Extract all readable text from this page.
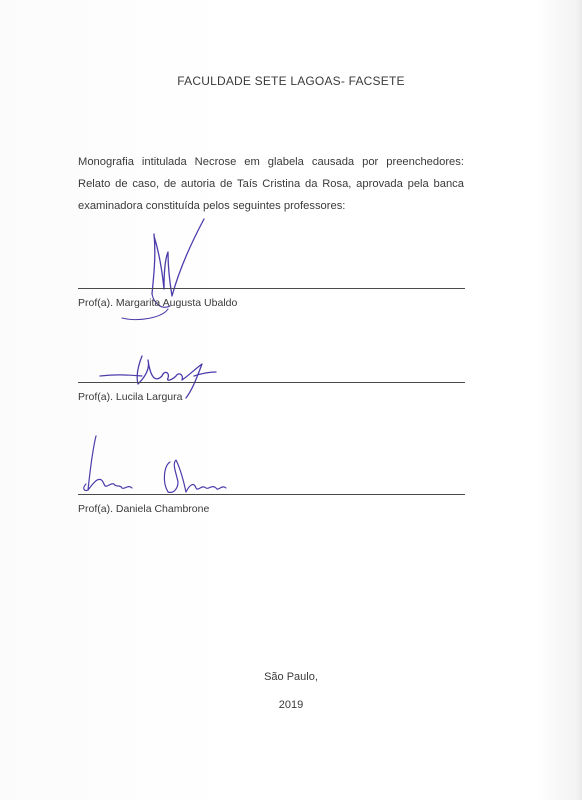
FACULDADE SETE LAGOAS- FACSETE
Monografia intitulada Necrose em glabela causada por preenchedores: Relato de caso, de autoria de Taís Cristina da Rosa, aprovada pela banca examinadora constituída pelos seguintes professores:
Prof(a). Margarita Augusta Ubaldo
Prof(a). Lucila Largura
Prof(a). Daniela Chambrone
São Paulo,
2019
